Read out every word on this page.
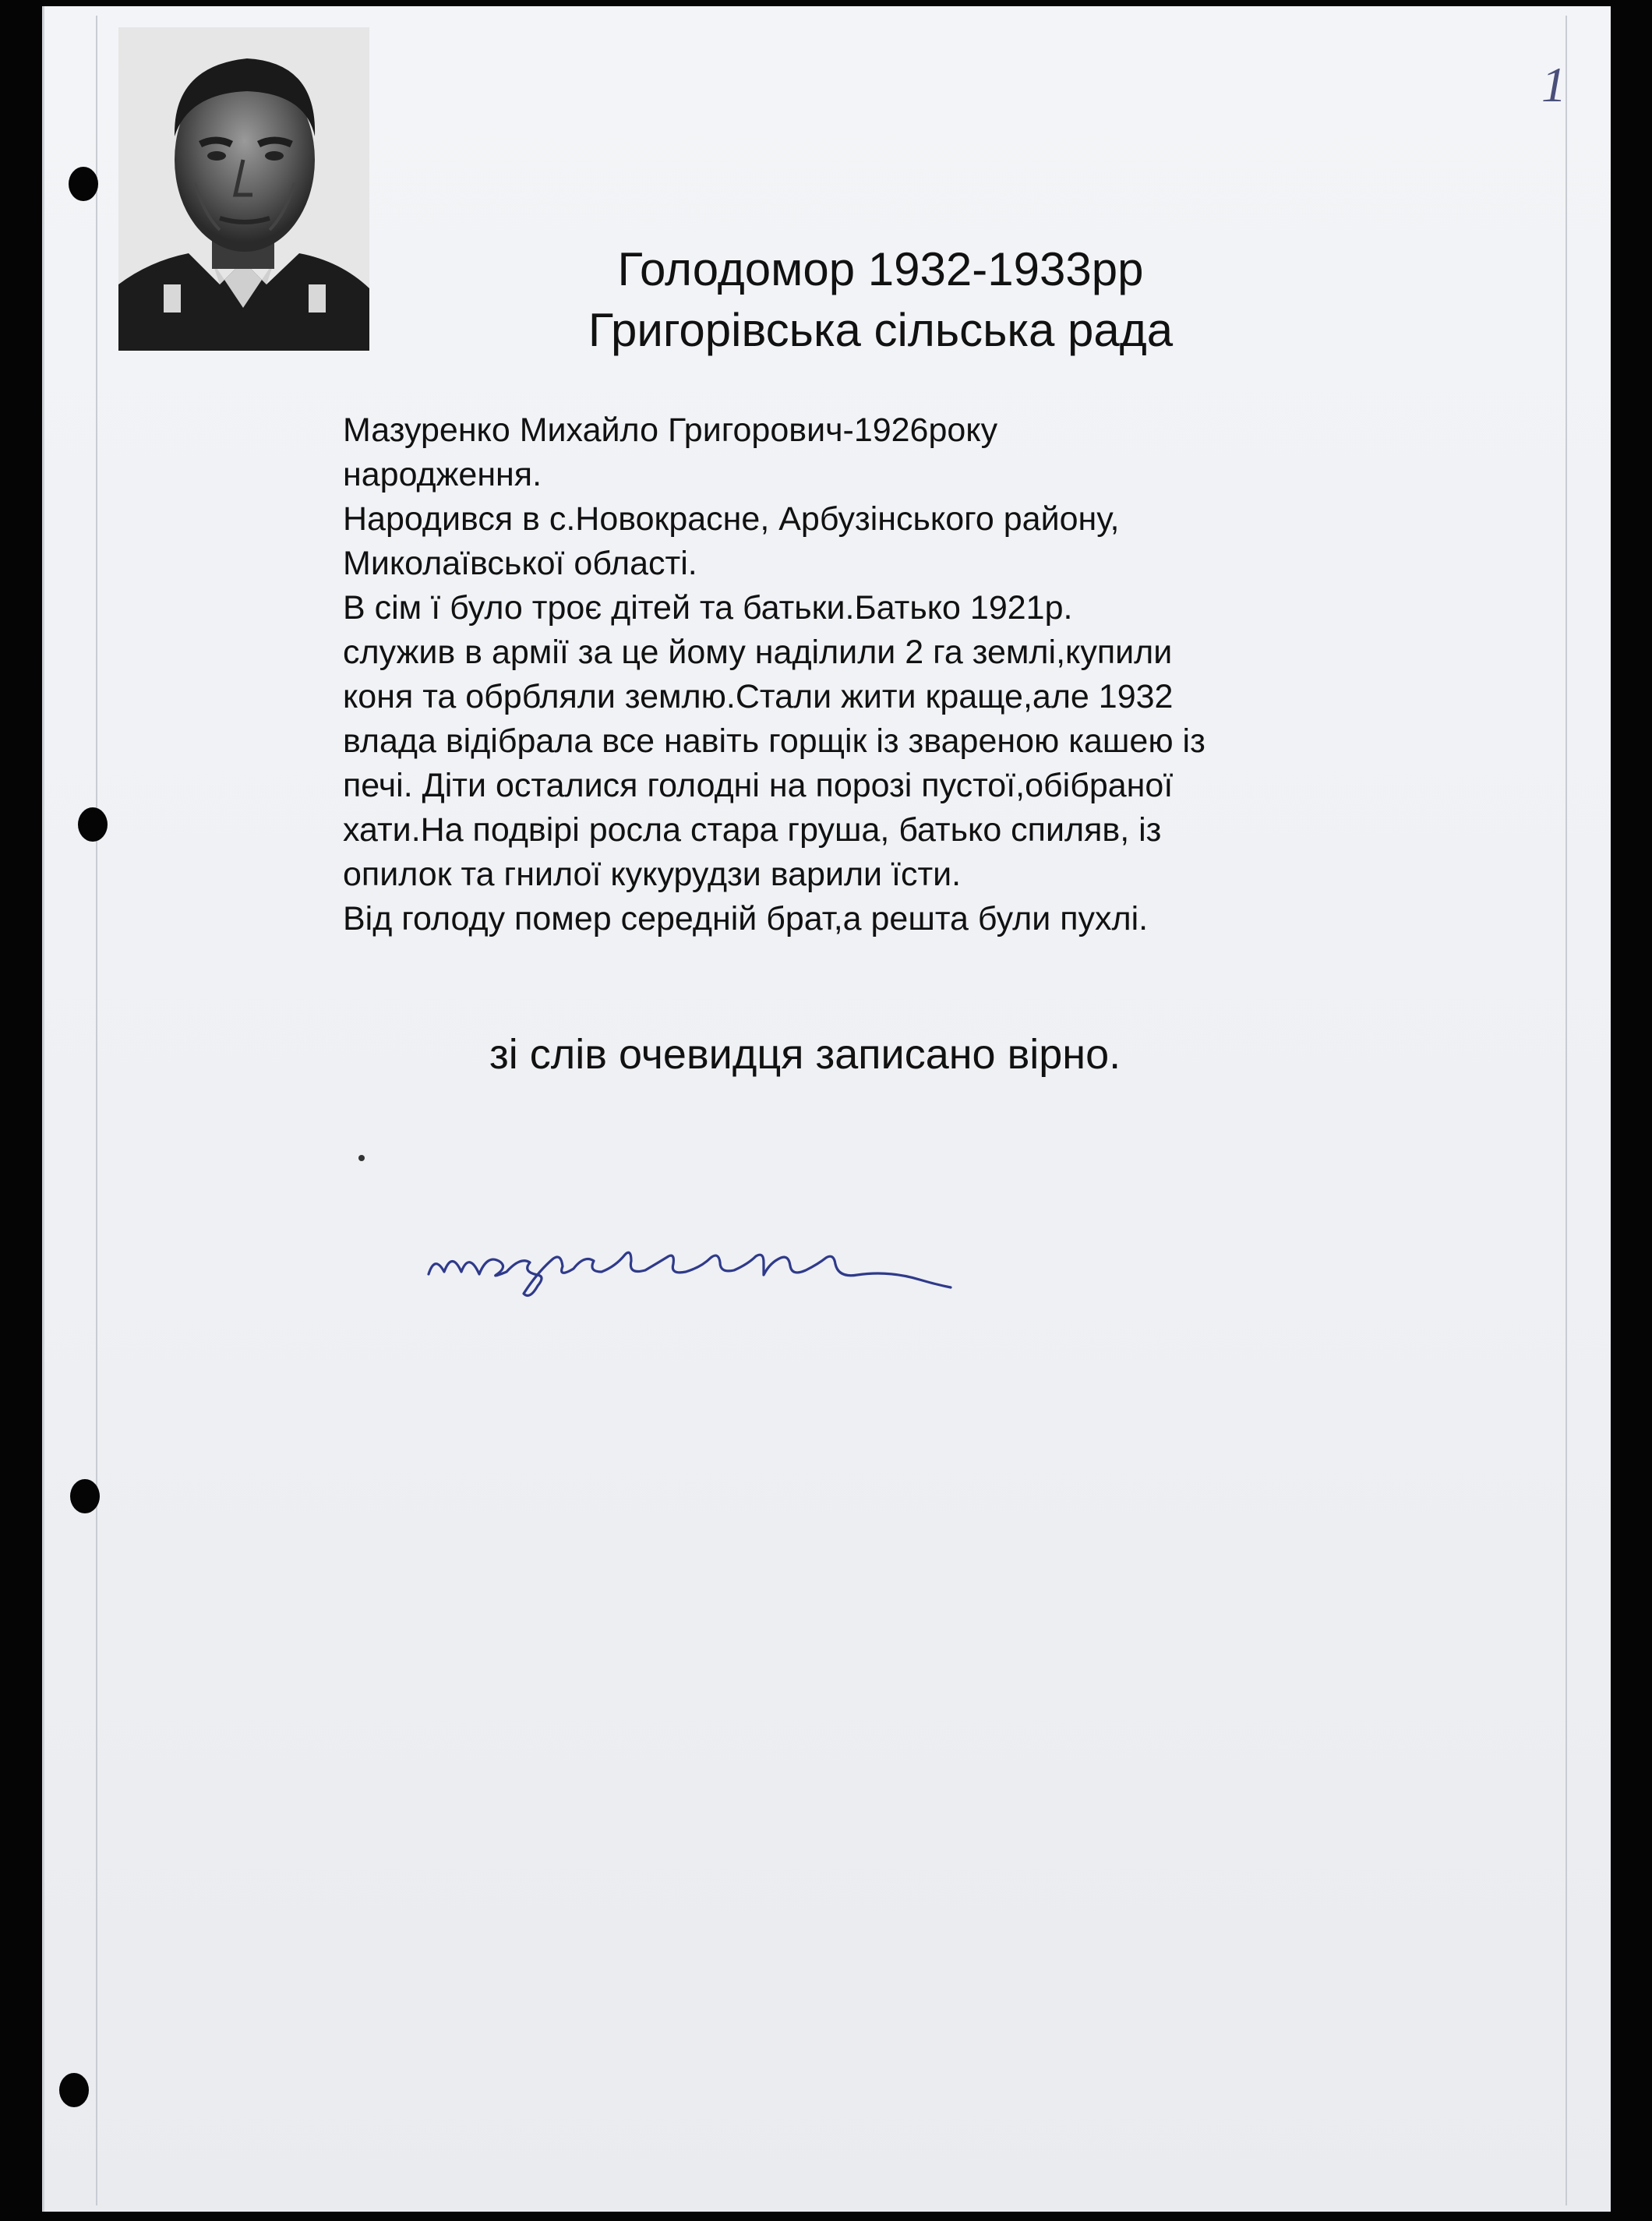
1
Голодомор 1932-1933рр
Григорівська сільська рада
Мазуренко Михайло Григорович-1926року
народження.
Народився в с.Новокрасне, Арбузінського району,
Миколаївської області.
В сім ї було троє дітей та батьки.Батько 1921р.
служив в армії за це йому наділили 2 га землі,купили
коня та обрбляли землю.Стали жити краще,але 1932
влада відібрала все навіть горщік із звареною кашею із
печі. Діти осталися голодні на порозі пустої,обібраної
хати.На подвірі росла стара груша, батько спиляв, із
опилок та гнилої кукурудзи варили їсти.
Від голоду помер середній брат,а решта були пухлі.
зі слів очевидця записано вірно.
